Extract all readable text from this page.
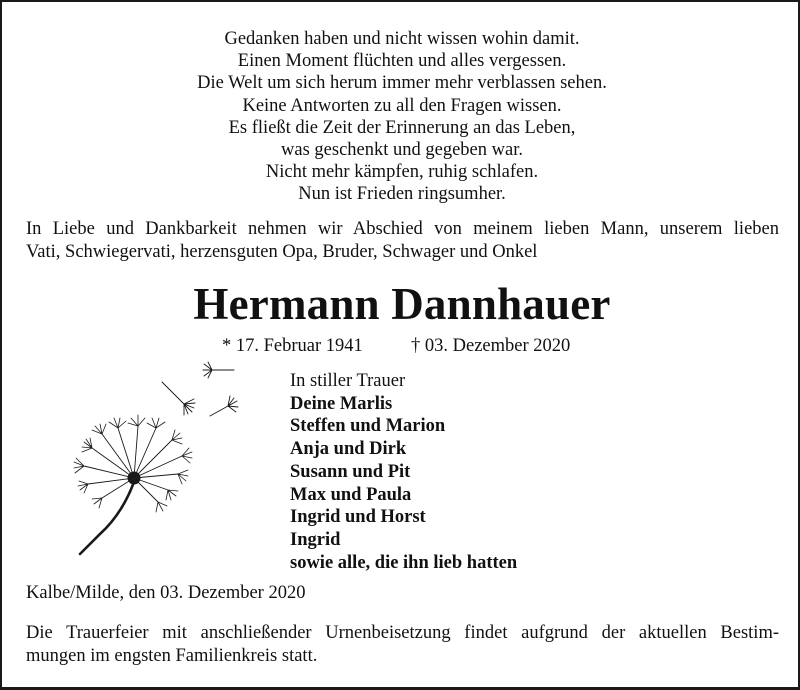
Gedanken haben und nicht wissen wohin damit.
Einen Moment flüchten und alles vergessen.
Die Welt um sich herum immer mehr verblassen sehen.
Keine Antworten zu all den Fragen wissen.
Es fließt die Zeit der Erinnerung an das Leben,
was geschenkt und gegeben war.
Nicht mehr kämpfen, ruhig schlafen.
Nun ist Frieden ringsumher.
In Liebe und Dankbarkeit nehmen wir Abschied von meinem lieben Mann, unserem lieben
Vati, Schwiegervati, herzensguten Opa, Bruder, Schwager und Onkel
Hermann Dannhauer
* 17. Februar 1941	† 03. Dezember 2020
In stiller Trauer
Deine Marlis
Steffen und Marion
Anja und Dirk
Susann und Pit
Max und Paula
Ingrid und Horst
Ingrid
sowie alle, die ihn lieb hatten
Kalbe/Milde, den 03. Dezember 2020
Die Trauerfeier mit anschließender Urnenbeisetzung findet aufgrund der aktuellen Bestim-
mungen im engsten Familienkreis statt.
